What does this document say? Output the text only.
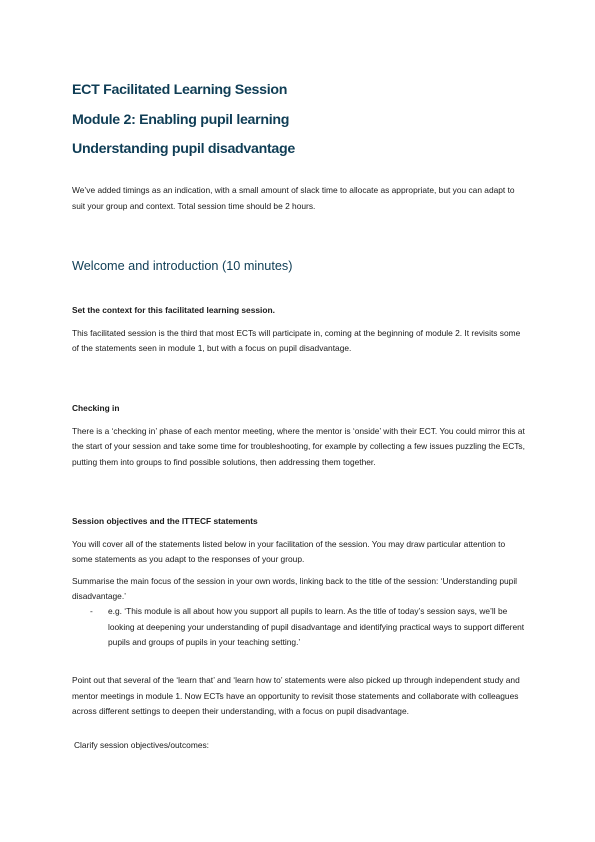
ECT Facilitated Learning Session

Module 2: Enabling pupil learning

Understanding pupil disadvantage

We’ve added timings as an indication, with a small amount of slack time to allocate as appropriate, but you can adapt to suit your group and context. Total session time should be 2 hours.
Welcome and introduction (10 minutes)

Set the context for this facilitated learning session.

This facilitated session is the third that most ECTs will participate in, coming at the beginning of module 2. It revisits some of the statements seen in module 1, but with a focus on pupil disadvantage.

Checking in

There is a ‘checking in’ phase of each mentor meeting, where the mentor is ‘onside’ with their ECT. You could mirror this at the start of your session and take some time for troubleshooting, for example by collecting a few issues puzzling the ECTs, putting them into groups to find possible solutions, then addressing them together.

Session objectives and the ITTECF statements

You will cover all of the statements listed below in your facilitation of the session. You may draw particular attention to some statements as you adapt to the responses of your group.

Summarise the main focus of the session in your own words, linking back to the title of the session: ‘Understanding pupil disadvantage.’

- e.g. ‘This module is all about how you support all pupils to learn. As the title of today’s session says, we’ll be looking at deepening your understanding of pupil disadvantage and identifying practical ways to support different pupils and groups of pupils in your teaching setting.’

Point out that several of the ‘learn that’ and ‘learn how to’ statements were also picked up through independent study and mentor meetings in module 1. Now ECTs have an opportunity to revisit those statements and collaborate with colleagues across different settings to deepen their understanding, with a focus on pupil disadvantage.

Clarify session objectives/outcomes:
